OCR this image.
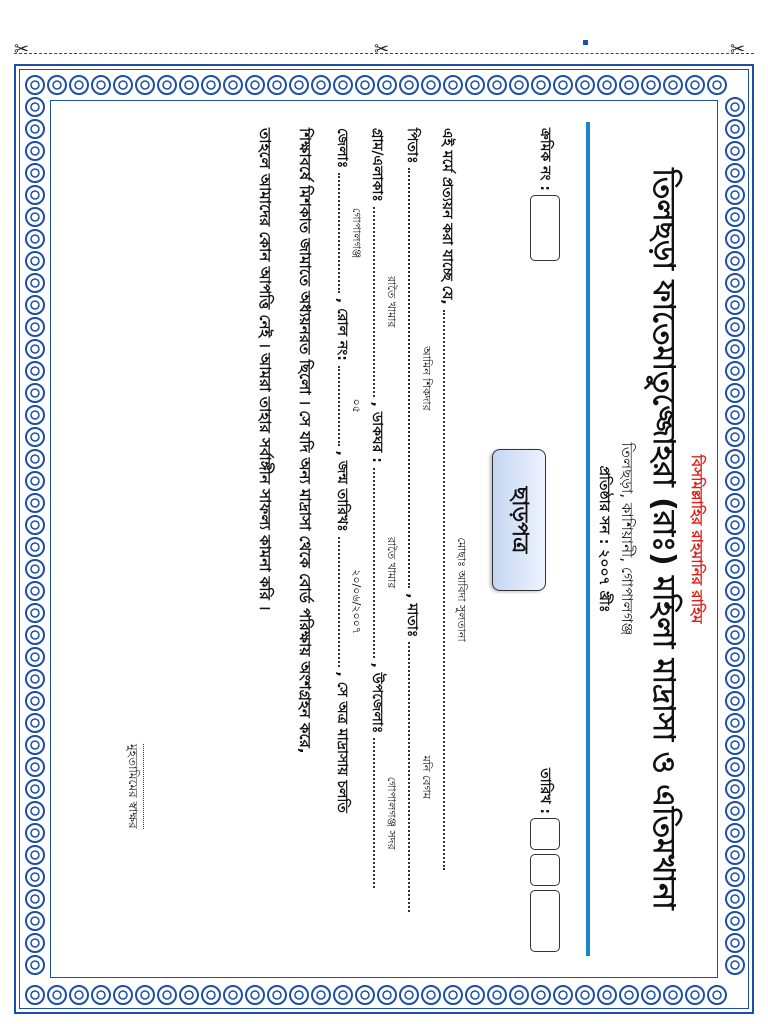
✂	✂	✂
বিসমিল্লাহির রাহমানির রাহিম
তিলছড়া ফাতেমাতুজ্জোহরা (রাঃ) মহিলা মাদ্রাসা ও এতিমখানা
তিলছড়া, কাশিয়ানী, গোপালগঞ্জ
প্রতিষ্ঠার সন : ২০০৭ খ্রীঃ
ক্রমিক নং :
তারিখ :
ছাড়পত্র
এই মর্মে প্রত্যয়ন করা যাচ্ছে যে,
মোছাঃ আবিদা সুলতানা
পিতাঃ
আমিন শিকদার
, মাতাঃ
মনি বেগম
গ্রাম/এলাকাঃ
রাতৈ খামার
, ডাকঘর :
রাতৈ খামার
, উপজেলাঃ
গোপালগঞ্জ সদর
জেলাঃ
গোপালগঞ্জ
, রোল নং:
০৫
, জন্ম তারিখঃ
২০/০৬/২০০৭
, সে অত্র মাদ্রাসায় চলতি
শিক্ষাবর্ষে মিশকাত জামাতে অধ্যয়নরত ছিলো । সে যদি অন্য মাদ্রাসা থেকে বোর্ড পরিক্ষায় অংশগ্রহন করে,
তাহলে আমাদের কোন আপত্তি নেই । আমরা তাহার সর্বাঙ্গীন সাফল্য কামনা করি ।
মুহতামিমের স্বাক্ষর
